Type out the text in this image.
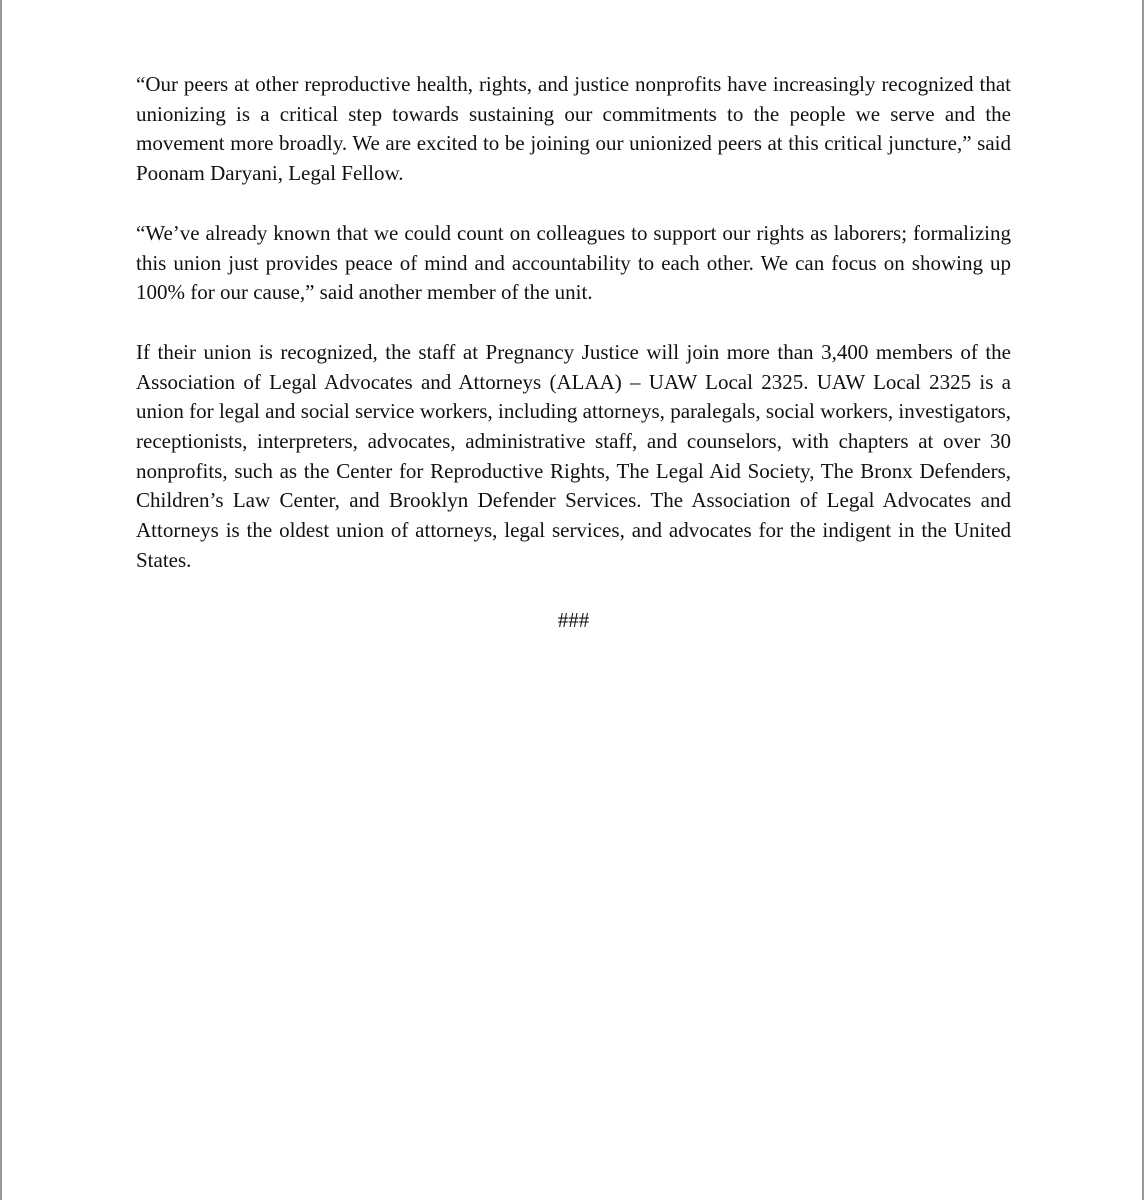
“Our peers at other reproductive health, rights, and justice nonprofits have increasingly recognized that unionizing is a critical step towards sustaining our commitments to the people we serve and the movement more broadly. We are excited to be joining our unionized peers at this critical juncture,” said Poonam Daryani, Legal Fellow.

“We’ve already known that we could count on colleagues to support our rights as laborers; formalizing this union just provides peace of mind and accountability to each other. We can focus on showing up 100% for our cause,” said another member of the unit.

If their union is recognized, the staff at Pregnancy Justice will join more than 3,400 members of the Association of Legal Advocates and Attorneys (ALAA) – UAW Local 2325. UAW Local 2325 is a union for legal and social service workers, including attorneys, paralegals, social workers, investigators, receptionists, interpreters, advocates, administrative staff, and counselors, with chapters at over 30 nonprofits, such as the Center for Reproductive Rights, The Legal Aid Society, The Bronx Defenders, Children’s Law Center, and Brooklyn Defender Services. The Association of Legal Advocates and Attorneys is the oldest union of attorneys, legal services, and advocates for the indigent in the United States.

###
